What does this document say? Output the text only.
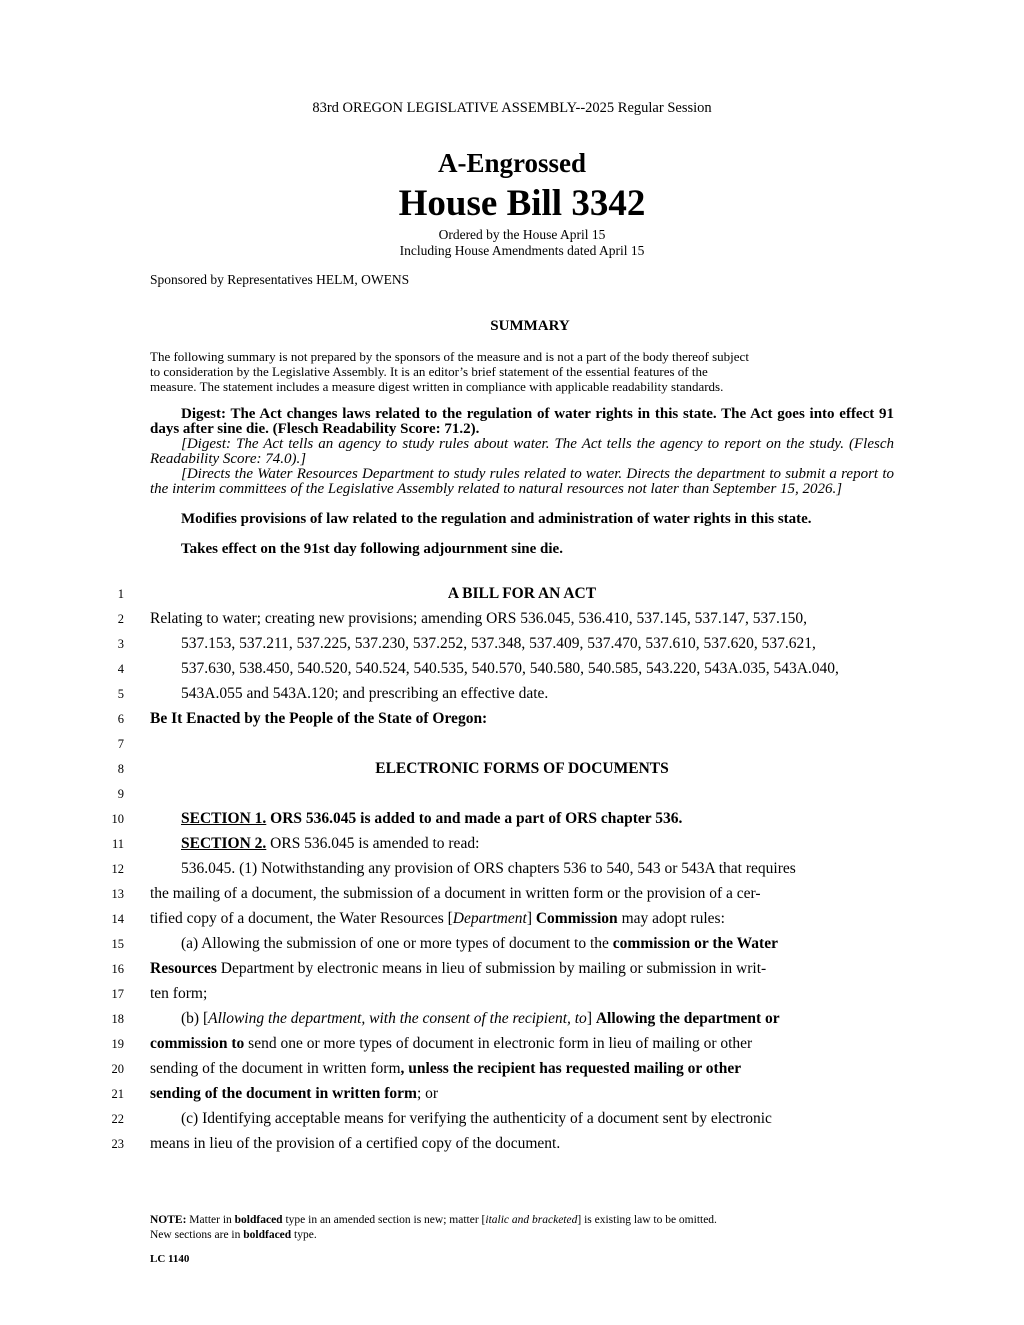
83rd OREGON LEGISLATIVE ASSEMBLY--2025 Regular Session
A-Engrossed
House Bill 3342
Ordered by the House April 15
Including House Amendments dated April 15
Sponsored by Representatives HELM, OWENS
SUMMARY
The following summary is not prepared by the sponsors of the measure and is not a part of the body thereof subject
to consideration by the Legislative Assembly. It is an editor’s brief statement of the essential features of the
measure. The statement includes a measure digest written in compliance with applicable readability standards.
Digest: The Act changes laws related to the regulation of water rights in this state. The Act goes into effect 91 days after sine die. (Flesch Readability Score: 71.2).
[Digest: The Act tells an agency to study rules about water. The Act tells the agency to report on the study. (Flesch Readability Score: 74.0).]
[Directs the Water Resources Department to study rules related to water. Directs the department to submit a report to the interim committees of the Legislative Assembly related to natural resources not later than September 15, 2026.]
Modifies provisions of law related to the regulation and administration of water rights in this state.
Takes effect on the 91st day following adjournment sine die.
1
2
3
4
5
6
7
8
9
10
11
12
13
14
15
16
17
18
19
20
21
22
23
A BILL FOR AN ACT
Relating to water; creating new provisions; amending ORS 536.045, 536.410, 537.145, 537.147, 537.150,
537.153, 537.211, 537.225, 537.230, 537.252, 537.348, 537.409, 537.470, 537.610, 537.620, 537.621,
537.630, 538.450, 540.520, 540.524, 540.535, 540.570, 540.580, 540.585, 543.220, 543A.035, 543A.040,
543A.055 and 543A.120; and prescribing an effective date.
Be It Enacted by the People of the State of Oregon:
ELECTRONIC FORMS OF DOCUMENTS
SECTION 1. ORS 536.045 is added to and made a part of ORS chapter 536.
SECTION 2. ORS 536.045 is amended to read:
536.045. (1) Notwithstanding any provision of ORS chapters 536 to 540, 543 or 543A that requires
the mailing of a document, the submission of a document in written form or the provision of a cer-
tified copy of a document, the Water Resources [Department] Commission may adopt rules:
(a) Allowing the submission of one or more types of document to the commission or the Water
Resources Department by electronic means in lieu of submission by mailing or submission in writ-
ten form;
(b) [Allowing the department, with the consent of the recipient, to] Allowing the department or
commission to send one or more types of document in electronic form in lieu of mailing or other
sending of the document in written form, unless the recipient has requested mailing or other
sending of the document in written form; or
(c) Identifying acceptable means for verifying the authenticity of a document sent by electronic
means in lieu of the provision of a certified copy of the document.
NOTE: Matter in boldfaced type in an amended section is new; matter [italic and bracketed] is existing law to be omitted.
New sections are in boldfaced type.
LC 1140
